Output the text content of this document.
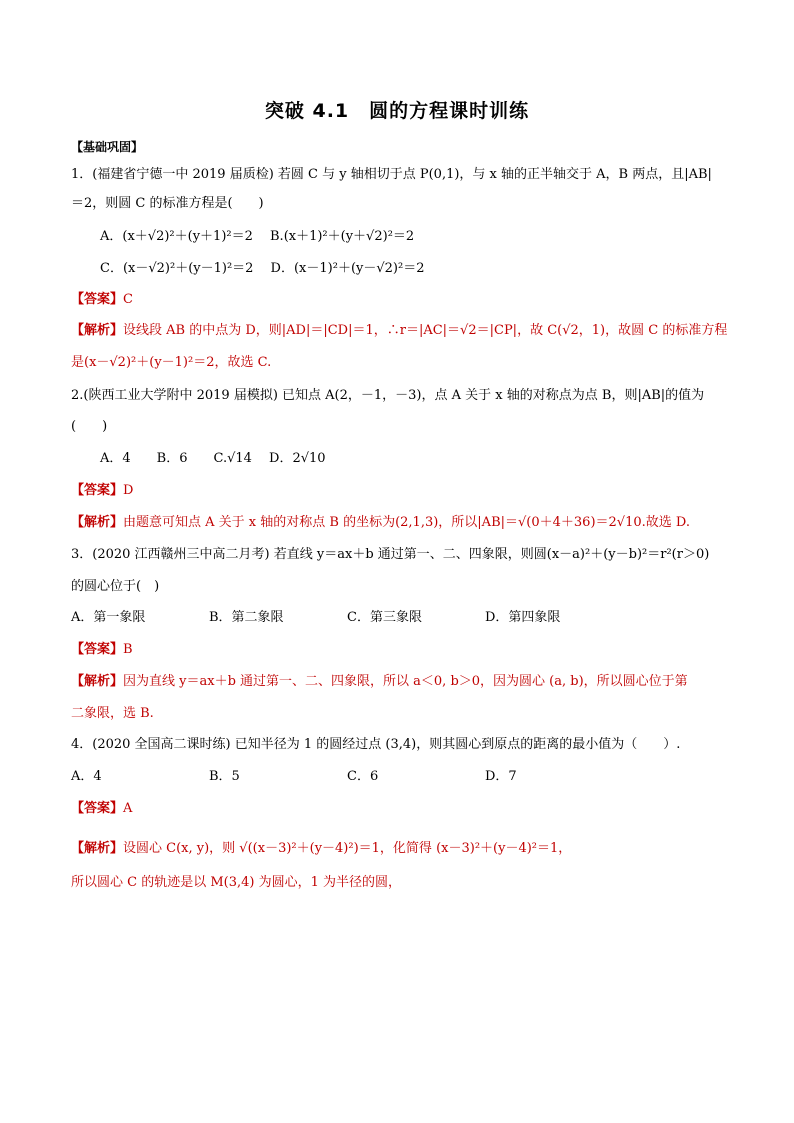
突破 4.1　圆的方程课时训练
【基础巩固】
1．(福建省宁德一中 2019 届质检) 若圆 C 与 y 轴相切于点 P(0,1)，与 x 轴的正半轴交于 A，B 两点，且|AB|
＝2，则圆 C 的标准方程是(　　)
A．(x＋√2)²＋(y＋1)²＝2　 B.(x＋1)²＋(y＋√2)²＝2
C．(x－√2)²＋(y－1)²＝2　 D．(x－1)²＋(y－√2)²＝2
【答案】C
【解析】设线段 AB 的中点为 D，则|AD|＝|CD|＝1，∴r＝|AC|＝√2＝|CP|，故 C(√2，1)，故圆 C 的标准方程
是(x－√2)²＋(y－1)²＝2，故选 C.
2.(陕西工业大学附中 2019 届模拟) 已知点 A(2，－1，－3)，点 A 关于 x 轴的对称点为点 B，则|AB|的值为
(　　)
A．4　　B．6　　C.√14　 D．2√10
【答案】D
【解析】由题意可知点 A 关于 x 轴的对称点 B 的坐标为(2,1,3)，所以|AB|＝√(0＋4＋36)＝2√10.故选 D.
3．(2020 江西赣州三中高二月考) 若直线 y＝ax＋b 通过第一、二、四象限，则圆(x－a)²＋(y－b)²＝r²(r＞0)
的圆心位于(　)
A．第一象限	B．第二象限	C．第三象限	D．第四象限
【答案】B
【解析】因为直线 y＝ax＋b 通过第一、二、四象限，所以 a＜0, b＞0，因为圆心 (a, b)，所以圆心位于第
二象限，选 B.
4．(2020 全国高二课时练) 已知半径为 1 的圆经过点 (3,4)，则其圆心到原点的距离的最小值为（　　）.
A．4	B．5	C．6	D．7
【答案】A
【解析】设圆心 C(x, y)，则 √((x－3)²＋(y－4)²)＝1，化简得 (x－3)²＋(y－4)²＝1，
所以圆心 C 的轨迹是以 M(3,4) 为圆心，1 为半径的圆，
